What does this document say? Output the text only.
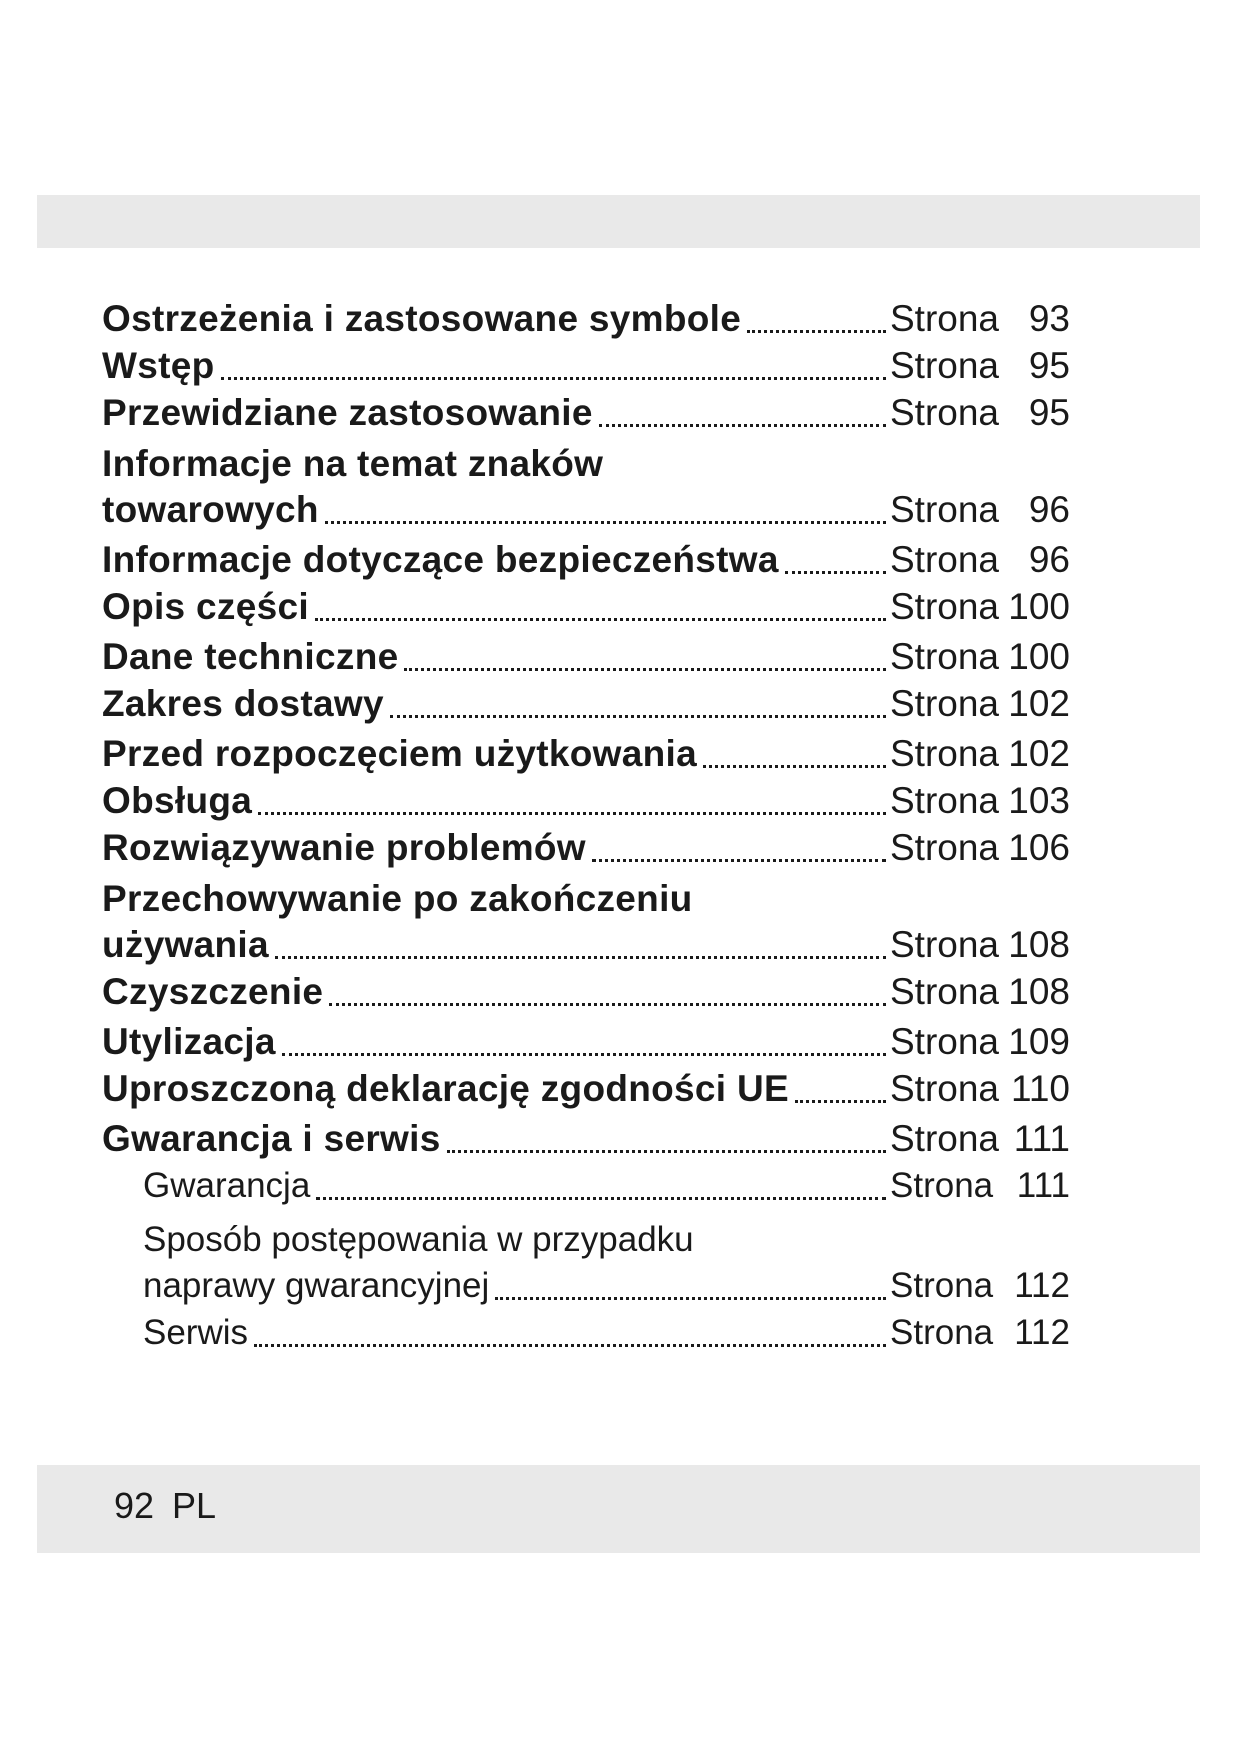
Ostrzeżenia i zastosowane symbole	Strona 93
Wstęp	Strona 95
Przewidziane zastosowanie	Strona 95
Informacje na temat znaków
towarowych	Strona 96
Informacje dotyczące bezpieczeństwa	Strona 96
Opis części	Strona 100
Dane techniczne	Strona 100
Zakres dostawy	Strona 102
Przed rozpoczęciem użytkowania	Strona 102
Obsługa	Strona 103
Rozwiązywanie problemów	Strona 106
Przechowywanie po zakończeniu
używania	Strona 108
Czyszczenie	Strona 108
Utylizacja	Strona 109
Uproszczoną deklarację zgodności UE	Strona 110
Gwarancja i serwis	Strona 111
Gwarancja	Strona 111
Sposób postępowania w przypadku
naprawy gwarancyjnej	Strona 112
Serwis	Strona 112
92 PL
